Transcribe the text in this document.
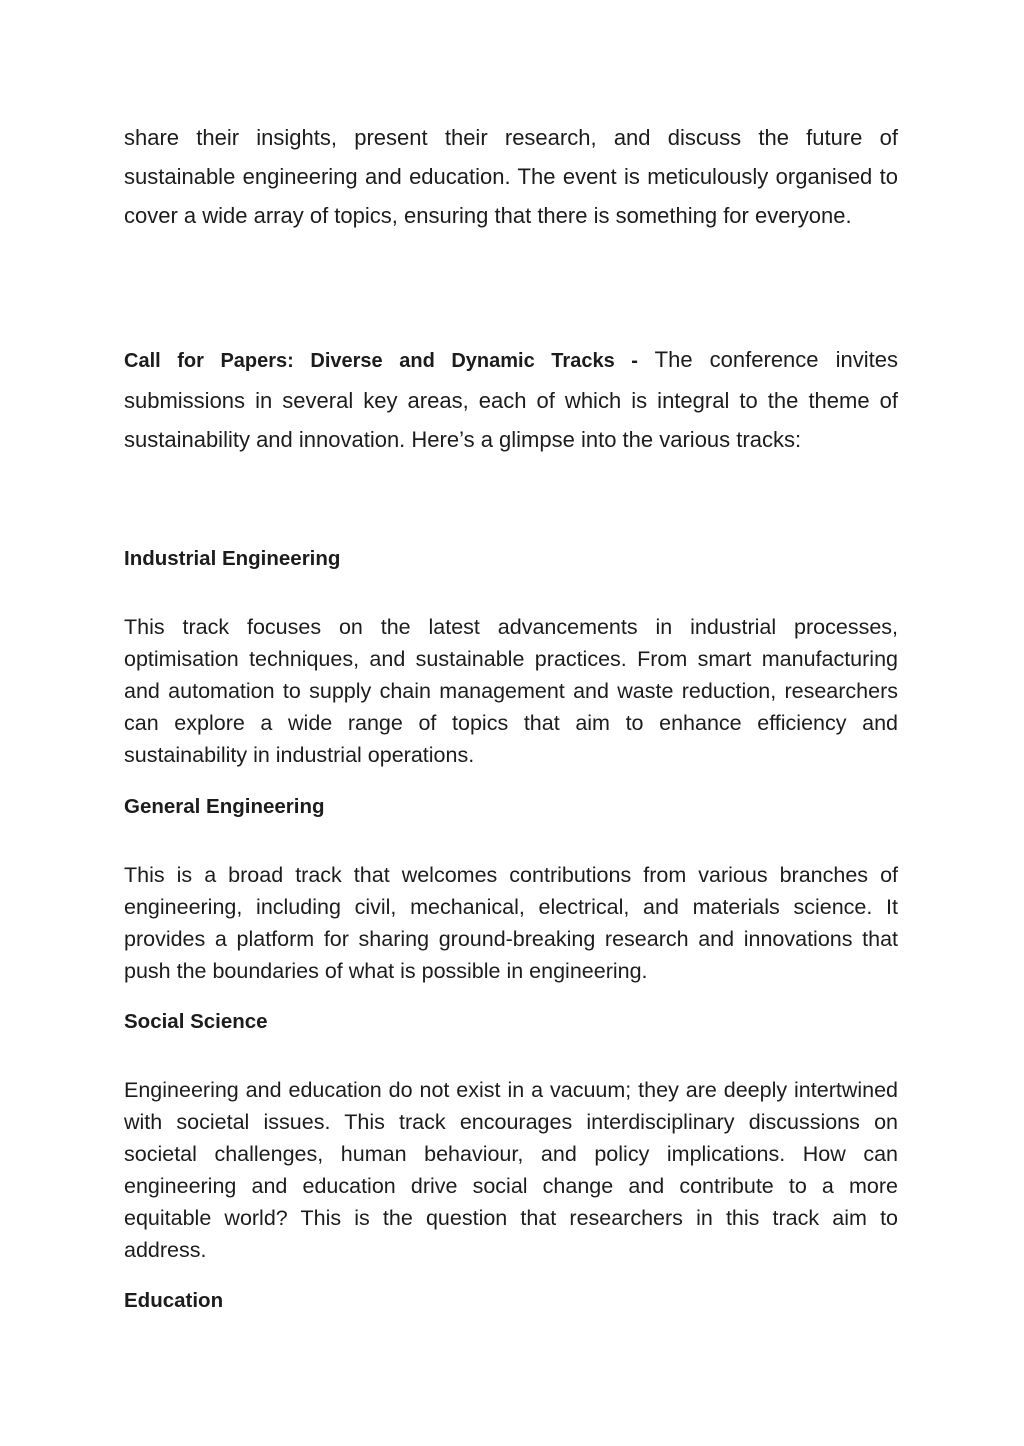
share their insights, present their research, and discuss the future of sustainable engineering and education. The event is meticulously organised to cover a wide array of topics, ensuring that there is something for everyone.

Call for Papers: Diverse and Dynamic Tracks - The conference invites submissions in several key areas, each of which is integral to the theme of sustainability and innovation. Here’s a glimpse into the various tracks:

Industrial Engineering

This track focuses on the latest advancements in industrial processes, optimisation techniques, and sustainable practices. From smart manufacturing and automation to supply chain management and waste reduction, researchers can explore a wide range of topics that aim to enhance efficiency and sustainability in industrial operations.

General Engineering

This is a broad track that welcomes contributions from various branches of engineering, including civil, mechanical, electrical, and materials science. It provides a platform for sharing ground-breaking research and innovations that push the boundaries of what is possible in engineering.

Social Science

Engineering and education do not exist in a vacuum; they are deeply intertwined with societal issues. This track encourages interdisciplinary discussions on societal challenges, human behaviour, and policy implications. How can engineering and education drive social change and contribute to a more equitable world? This is the question that researchers in this track aim to address.

Education
